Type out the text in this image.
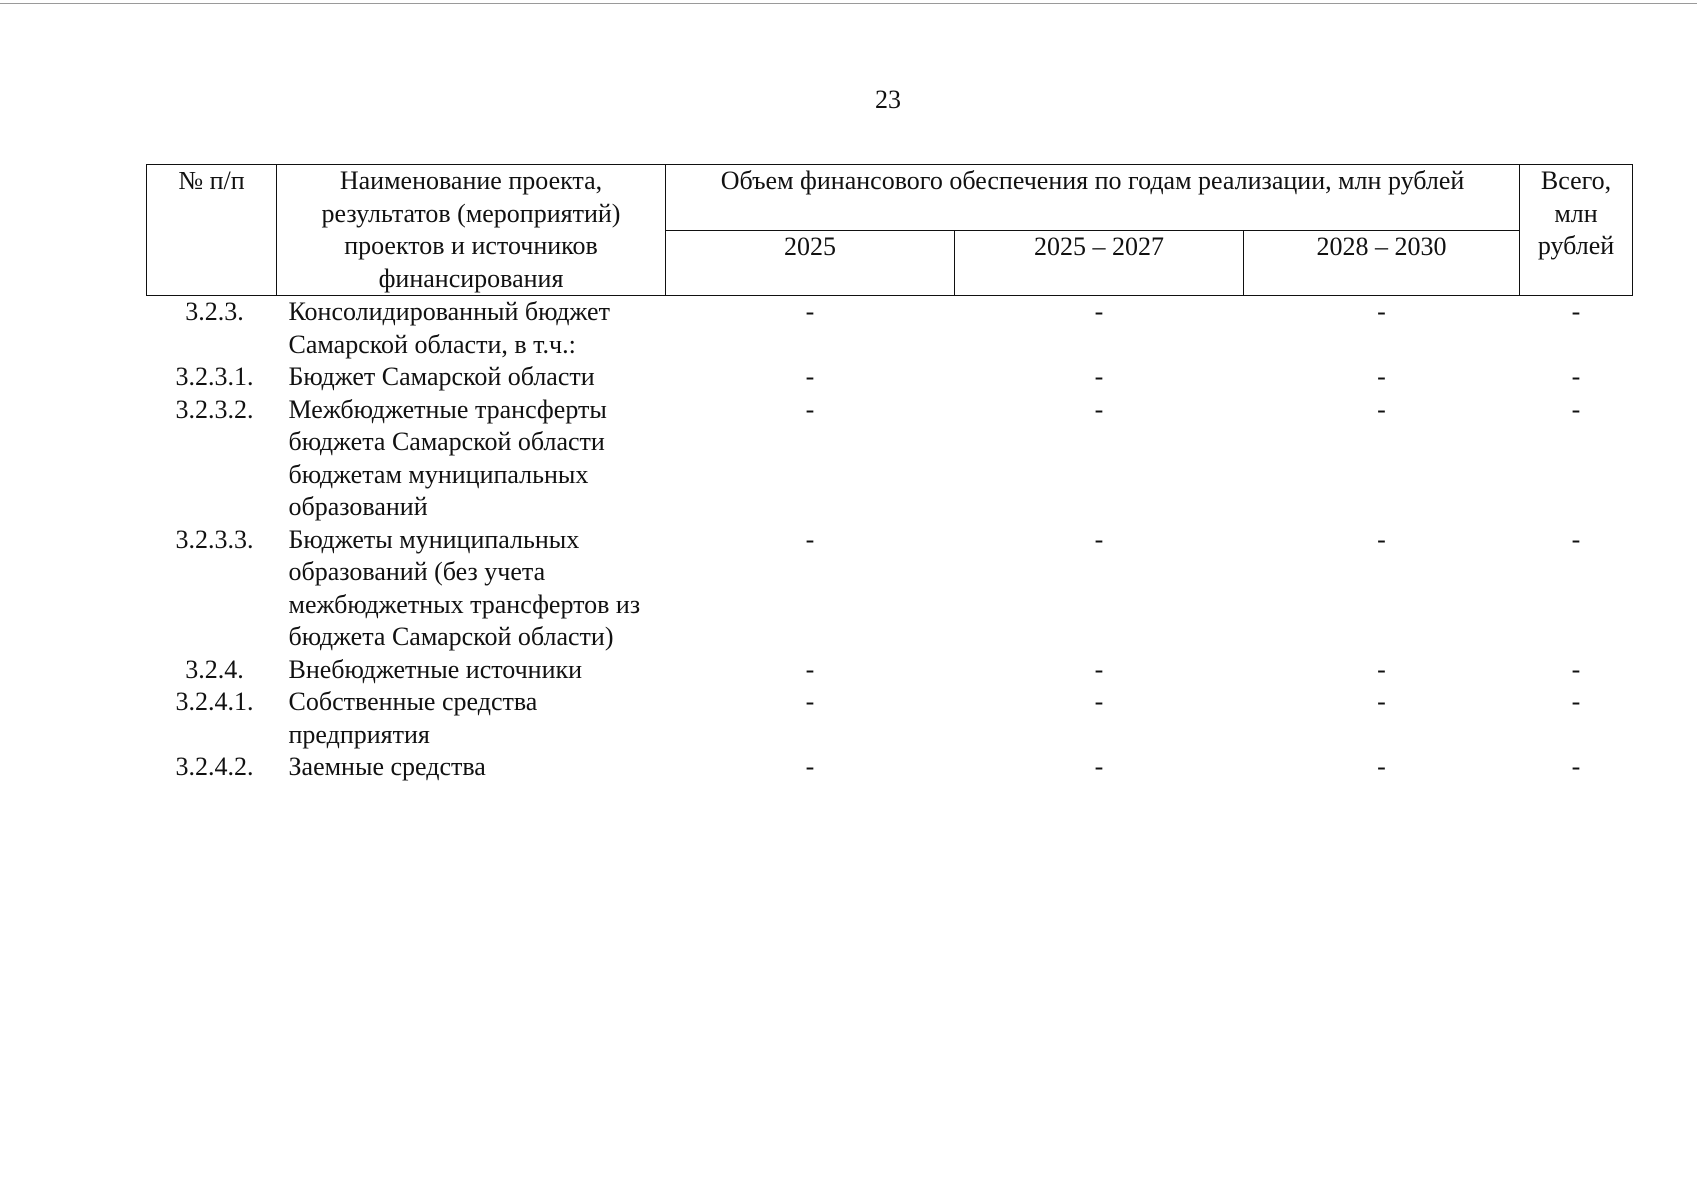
23
№ п/п	Наименование проекта, результатов (мероприятий) проектов и источников финансирования	Объем финансового обеспечения по годам реализации, млн рублей			Всего, млн рублей
		2025	2025 – 2027	2028 – 2030	
3.2.3.	Консолидированный бюджет Самарской области, в т.ч.:	-	-	-	-
3.2.3.1.	Бюджет Самарской области	-	-	-	-
3.2.3.2.	Межбюджетные трансферты бюджета Самарской области бюджетам муниципальных образований	-	-	-	-
3.2.3.3.	Бюджеты муниципальных образований (без учета межбюджетных трансфертов из бюджета Самарской области)	-	-	-	-
3.2.4.	Внебюджетные источники	-	-	-	-
3.2.4.1.	Собственные средства предприятия	-	-	-	-
3.2.4.2.	Заемные средства	-	-	-	-
